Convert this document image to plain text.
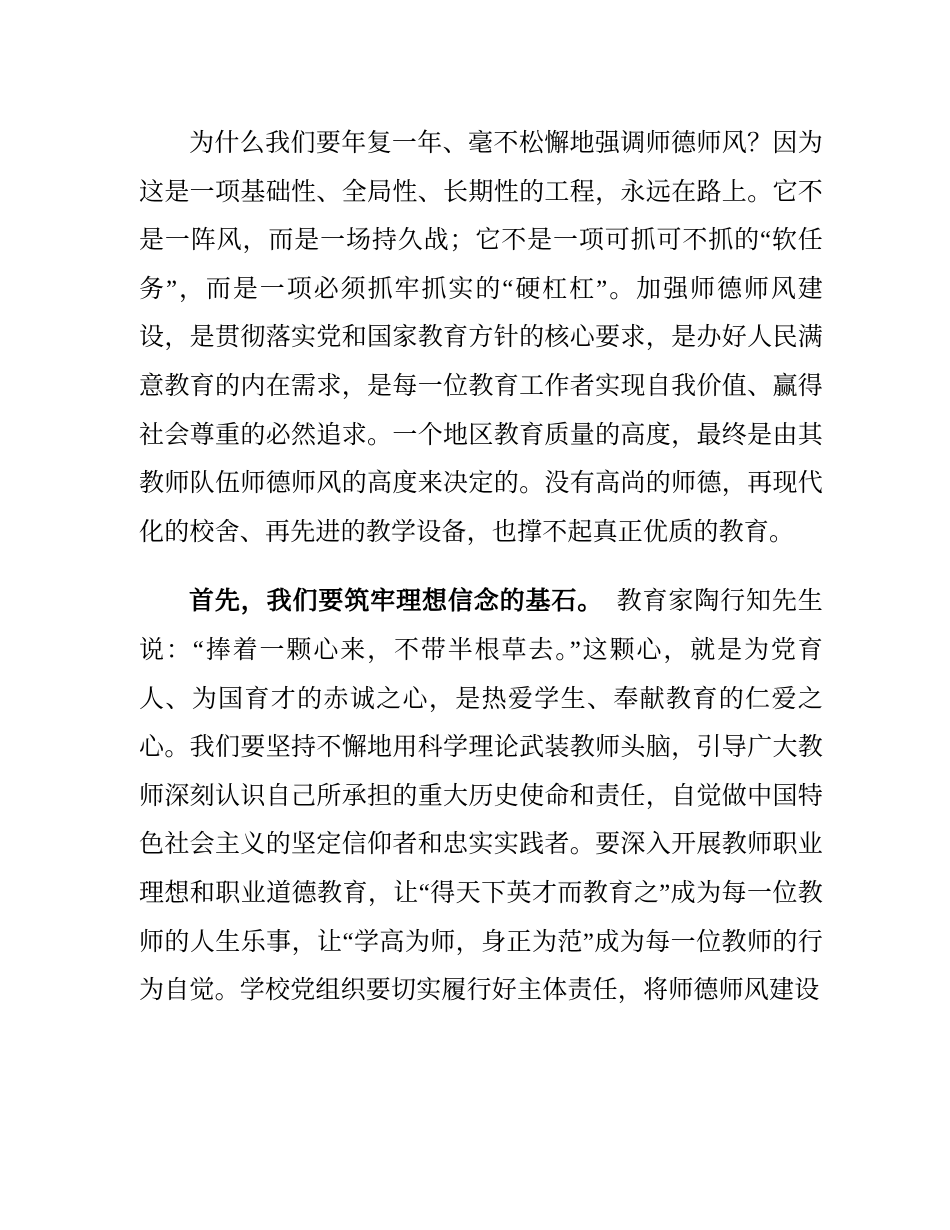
为什么我们要年复一年、毫不松懈地强调师德师风？因为这是一项基础性、全局性、长期性的工程，永远在路上。它不是一阵风，而是一场持久战；它不是一项可抓可不抓的“软任务”，而是一项必须抓牢抓实的“硬杠杠”。加强师德师风建设，是贯彻落实党和国家教育方针的核心要求，是办好人民满意教育的内在需求，是每一位教育工作者实现自我价值、赢得社会尊重的必然追求。一个地区教育质量的高度，最终是由其教师队伍师德师风的高度来决定的。没有高尚的师德，再现代化的校舍、再先进的教学设备，也撑不起真正优质的教育。

首先，我们要筑牢理想信念的基石。　教育家陶行知先生说：“捧着一颗心来，不带半根草去。”这颗心，就是为党育人、为国育才的赤诚之心，是热爱学生、奉献教育的仁爱之心。我们要坚持不懈地用科学理论武装教师头脑，引导广大教师深刻认识自己所承担的重大历史使命和责任，自觉做中国特色社会主义的坚定信仰者和忠实实践者。要深入开展教师职业理想和职业道德教育，让“得天下英才而教育之”成为每一位教师的人生乐事，让“学高为师，身正为范”成为每一位教师的行为自觉。学校党组织要切实履行好主体责任，将师德师风建设
